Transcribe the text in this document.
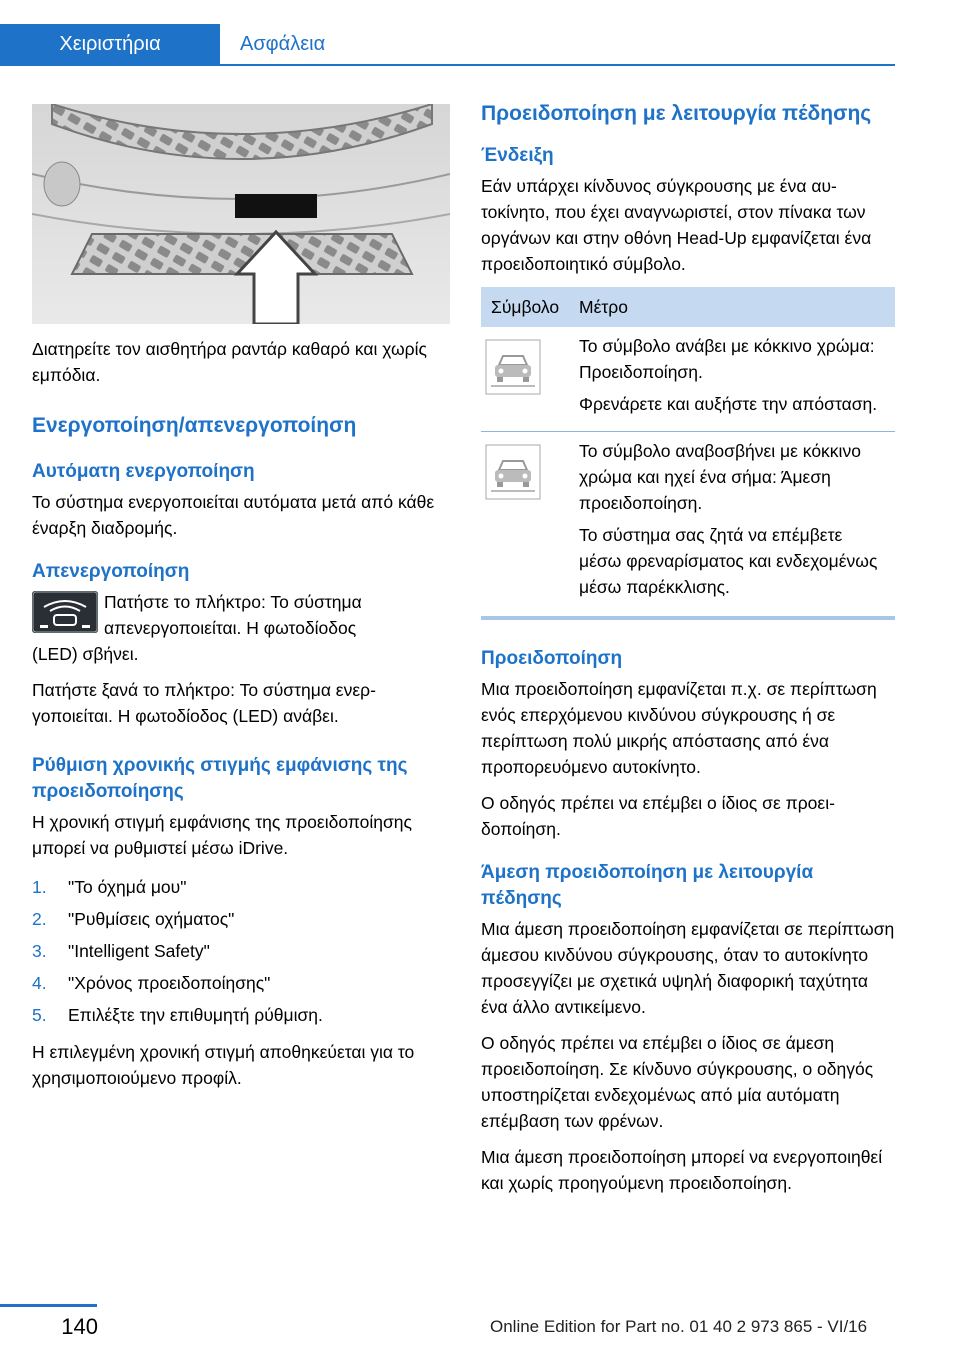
Χειριστήρια	Ασφάλεια

Διατηρείτε τον αισθητήρα ραντάρ καθαρό και χωρίς εμπόδια.

Ενεργοποίηση/απενεργοποίηση
Αυτόματη ενεργοποίηση

Το σύστημα ενεργοποιείται αυτόματα μετά από κάθε έναρξη διαδρομής.

Απενεργοποίηση
Πατήστε το πλήκτρο: Το σύστημα
απενεργοποιείται. Η φωτοδίοδος

(LED) σβήνει.

Πατήστε ξανά το πλήκτρο: Το σύστημα ενεργοποιείται. Η φωτοδίοδος (LED) ανάβει.

Ρύθμιση χρονικής στιγμής εμφάνισης της προειδοποίησης

Η χρονική στιγμή εμφάνισης της προειδοποίησης μπορεί να ρυθμιστεί μέσω iDrive.

1.	"Το όχημά μου"
2.	"Ρυθμίσεις οχήματος"
3.	"Intelligent Safety"
4.	"Χρόνος προειδοποίησης"
5.	Επιλέξτε την επιθυμητή ρύθμιση.

Η επιλεγμένη χρονική στιγμή αποθηκεύεται για το χρησιμοποιούμενο προφίλ.

Προειδοποίηση με λειτουργία πέδησης
Ένδειξη

Εάν υπάρχει κίνδυνος σύγκρουσης με ένα αυτοκίνητο, που έχει αναγνωριστεί, στον πίνακα των οργάνων και στην οθόνη Head-Up εμφανίζεται ένα προειδοποιητικό σύμβολο.

Σύμβολο	Μέτρο

Το σύμβολο ανάβει με κόκκινο χρώμα: Προειδοποίηση.

Φρενάρετε και αυξήστε την απόσταση.

Το σύμβολο αναβοσβήνει με κόκκινο χρώμα και ηχεί ένα σήμα: Άμεση προειδοποίηση.

Το σύστημα σας ζητά να επέμβετε μέσω φρεναρίσματος και ενδεχομένως μέσω παρέκκλισης.

Προειδοποίηση

Μια προειδοποίηση εμφανίζεται π.χ. σε περίπτωση ενός επερχόμενου κινδύνου σύγκρουσης ή σε περίπτωση πολύ μικρής απόστασης από ένα προπορευόμενο αυτοκίνητο.

Ο οδηγός πρέπει να επέμβει ο ίδιος σε προειδοποίηση.

Άμεση προειδοποίηση με λειτουργία πέδησης

Μια άμεση προειδοποίηση εμφανίζεται σε περίπτωση άμεσου κινδύνου σύγκρουσης, όταν το αυτοκίνητο προσεγγίζει με σχετικά υψηλή διαφορική ταχύτητα ένα άλλο αντικείμενο.

Ο οδηγός πρέπει να επέμβει ο ίδιος σε άμεση προειδοποίηση. Σε κίνδυνο σύγκρουσης, ο οδηγός υποστηρίζεται ενδεχομένως από μία αυτόματη επέμβαση των φρένων.

Μια άμεση προειδοποίηση μπορεί να ενεργοποιηθεί και χωρίς προηγούμενη προειδοποίηση.

140	Online Edition for Part no. 01 40 2 973 865 - VI/16
